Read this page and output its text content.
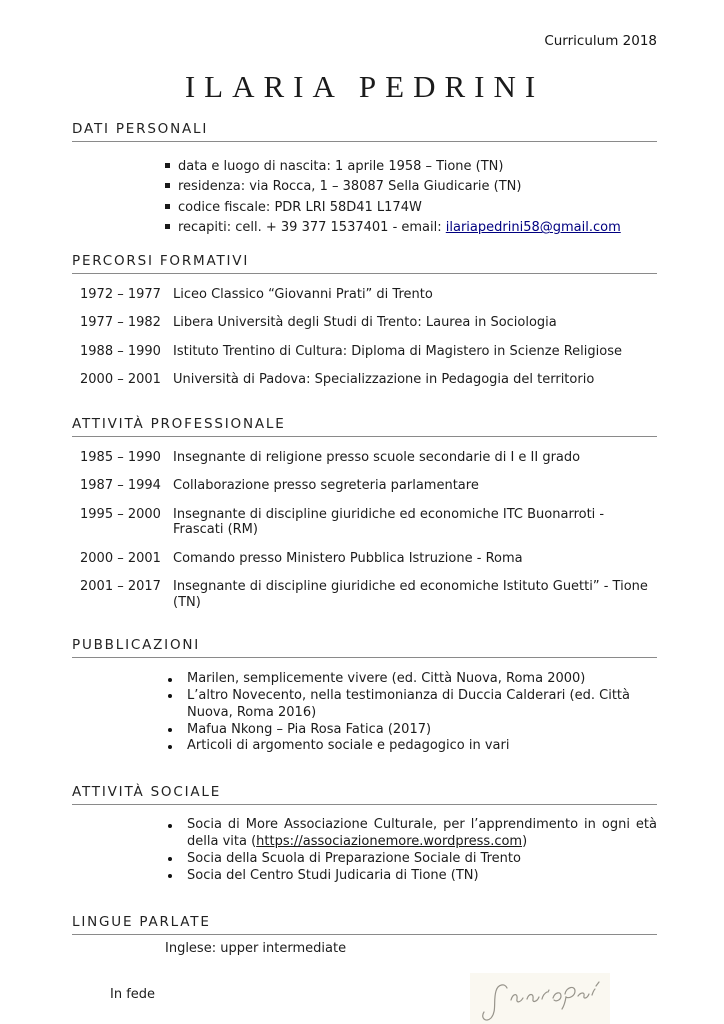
Curriculum 2018
ILARIA PEDRINI
DATI PERSONALI
data e luogo di nascita: 1 aprile 1958 – Tione (TN)
residenza: via Rocca, 1 – 38087 Sella Giudicarie (TN)
codice fiscale: PDR LRI 58D41 L174W
recapiti: cell. + 39 377 1537401 - email: ilariapedrini58@gmail.com
PERCORSI FORMATIVI
1972 – 1977 Liceo Classico “Giovanni Prati” di Trento
1977 – 1982 Libera Università degli Studi di Trento: Laurea in Sociologia
1988 – 1990 Istituto Trentino di Cultura: Diploma di Magistero in Scienze Religiose
2000 – 2001 Università di Padova: Specializzazione in Pedagogia del territorio
ATTIVITÀ PROFESSIONALE
1985 – 1990 Insegnante di religione presso scuole secondarie di I e II grado
1987 – 1994 Collaborazione presso segreteria parlamentare
1995 – 2000 Insegnante di discipline giuridiche ed economiche ITC Buonarroti - Frascati (RM)
2000 – 2001 Comando presso Ministero Pubblica Istruzione - Roma
2001 – 2017 Insegnante di discipline giuridiche ed economiche Istituto Guetti” - Tione (TN)
PUBBLICAZIONI
Marilen, semplicemente vivere (ed. Città Nuova, Roma 2000)
L’altro Novecento, nella testimonianza di Duccia Calderari (ed. Città Nuova, Roma 2016)
Mafua Nkong – Pia Rosa Fatica (2017)
Articoli di argomento sociale e pedagogico in vari
ATTIVITÀ SOCIALE
Socia di More Associazione Culturale, per l’apprendimento in ogni età
della vita (https://associazionemore.wordpress.com)
Socia della Scuola di Preparazione Sociale di Trento
Socia del Centro Studi Judicaria di Tione (TN)
LINGUE PARLATE
Inglese: upper intermediate
In fede
